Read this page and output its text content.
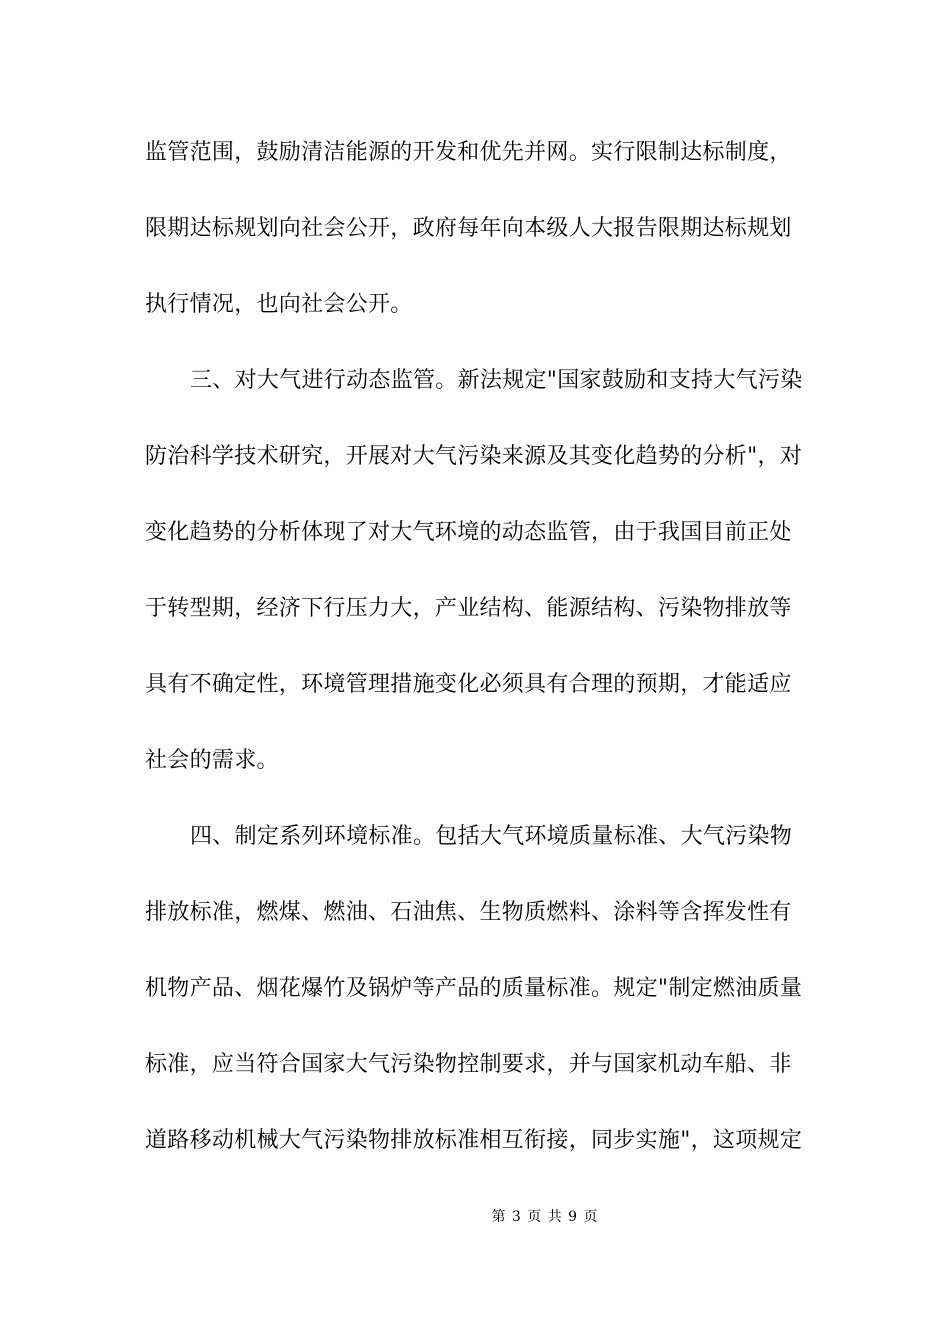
监管范围，鼓励清洁能源的开发和优先并网。实行限制达标制度，
限期达标规划向社会公开，政府每年向本级人大报告限期达标规划
执行情况，也向社会公开。
三、对大气进行动态监管。新法规定"国家鼓励和支持大气污染
防治科学技术研究，开展对大气污染来源及其变化趋势的分析"，对
变化趋势的分析体现了对大气环境的动态监管，由于我国目前正处
于转型期，经济下行压力大，产业结构、能源结构、污染物排放等
具有不确定性，环境管理措施变化必须具有合理的预期，才能适应
社会的需求。
四、制定系列环境标准。包括大气环境质量标准、大气污染物
排放标准，燃煤、燃油、石油焦、生物质燃料、涂料等含挥发性有
机物产品、烟花爆竹及锅炉等产品的质量标准。规定"制定燃油质量
标准，应当符合国家大气污染物控制要求，并与国家机动车船、非
道路移动机械大气污染物排放标准相互衔接，同步实施"，这项规定
第 3 页 共 9 页
